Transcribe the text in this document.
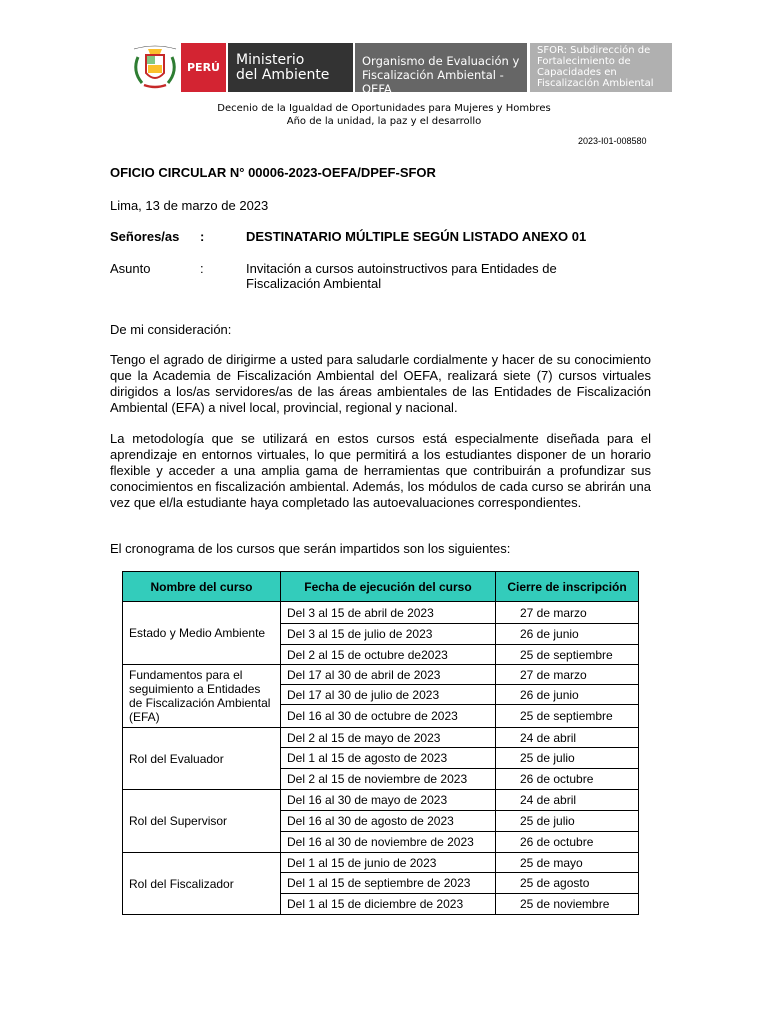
PERÚ	Ministerio
del Ambiente
Organismo de Evaluación y
Fiscalización Ambiental - OEFA
SFOR: Subdirección de
Fortalecimiento de
Capacidades en
Fiscalización Ambiental
Decenio de la Igualdad de Oportunidades para Mujeres y Hombres
Año de la unidad, la paz y el desarrollo
2023-I01-008580
OFICIO CIRCULAR N° 00006-2023-OEFA/DPEF-SFOR
Lima, 13 de marzo de 2023
Señores/as :	DESTINATARIO MÚLTIPLE SEGÚN LISTADO ANEXO 01
Asunto	:	Invitación a cursos autoinstructivos para Entidades de
Fiscalización Ambiental
De mi consideración:
Tengo el agrado de dirigirme a usted para saludarle cordialmente y hacer de su conocimiento que la Academia de Fiscalización Ambiental del OEFA, realizará siete (7) cursos virtuales dirigidos a los/as servidores/as de las áreas ambientales de las Entidades de Fiscalización Ambiental (EFA) a nivel local, provincial, regional y nacional.
La metodología que se utilizará en estos cursos está especialmente diseñada para el aprendizaje en entornos virtuales, lo que permitirá a los estudiantes disponer de un horario flexible y acceder a una amplia gama de herramientas que contribuirán a profundizar sus conocimientos en fiscalización ambiental. Además, los módulos de cada curso se abrirán una vez que el/la estudiante haya completado las autoevaluaciones correspondientes.
El cronograma de los cursos que serán impartidos son los siguientes:
Nombre del curso	Fecha de ejecución del curso	Cierre de inscripción
Estado y Medio Ambiente	Del 3 al 15 de abril de 2023	27 de marzo
	Del 3 al 15 de julio de 2023	26 de junio
	Del 2 al 15 de octubre de2023	25 de septiembre
Fundamentos para el seguimiento a Entidades de Fiscalización Ambiental (EFA)	Del 17 al 30 de abril de 2023	27 de marzo
	Del 17 al 30 de julio de 2023	26 de junio
	Del 16 al 30 de octubre de 2023	25 de septiembre
Rol del Evaluador	Del 2 al 15 de mayo de 2023	24 de abril
	Del 1 al 15 de agosto de 2023	25 de julio
	Del 2 al 15 de noviembre de 2023	26 de octubre
Rol del Supervisor	Del 16 al 30 de mayo de 2023	24 de abril
	Del 16 al 30 de agosto de 2023	25 de julio
	Del 16 al 30 de noviembre de 2023	26 de octubre
Rol del Fiscalizador	Del 1 al 15 de junio de 2023	25 de mayo
	Del 1 al 15 de septiembre de 2023	25 de agosto
	Del 1 al 15 de diciembre de 2023	25 de noviembre
